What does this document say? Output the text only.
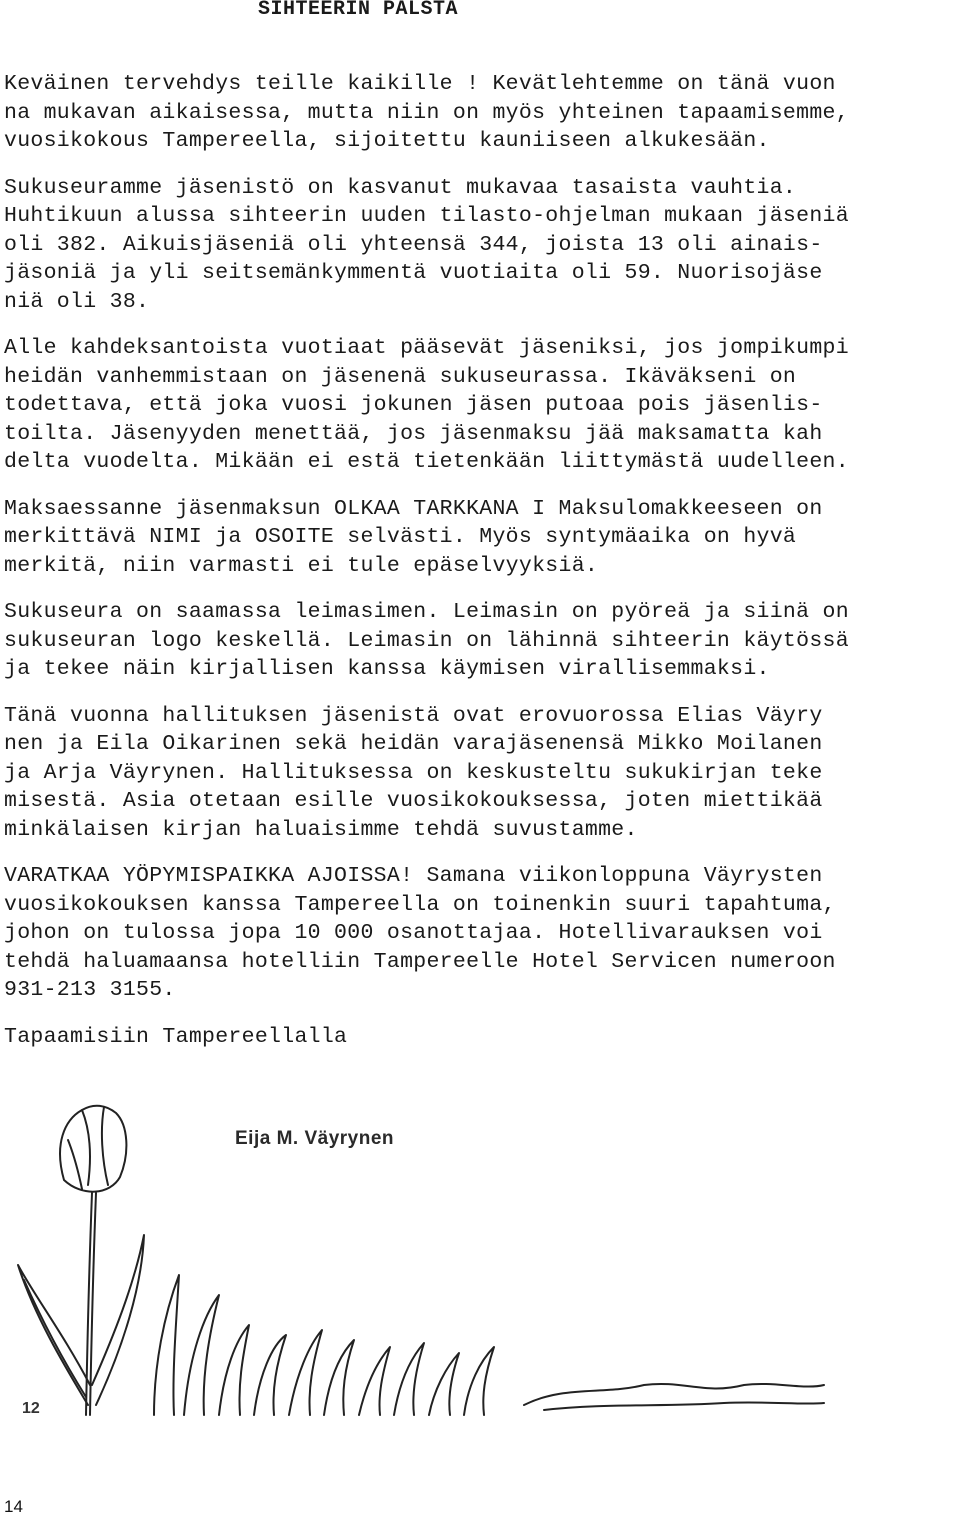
SIHTEERIN PALSTA

Keväinen tervehdys teille kaikille ! Kevätlehtemme on tänä vuon
na mukavan aikaisessa, mutta niin on myös yhteinen tapaamisemme,
vuosikokous Tampereella, sijoitettu kauniiseen alkukesään.

Sukuseuramme jäsenistö on kasvanut mukavaa tasaista vauhtia.
Huhtikuun alussa sihteerin uuden tilasto-ohjelman mukaan jäseniä
oli 382. Aikuisjäseniä oli yhteensä 344, joista 13 oli ainais-
jäsoniä ja yli seitsemänkymmentä vuotiaita oli 59. Nuorisojäse
niä oli 38.

Alle kahdeksantoista vuotiaat pääsevät jäseniksi, jos jompikumpi
heidän vanhemmistaan on jäsenenä sukuseurassa. Ikäväkseni on
todettava, että joka vuosi jokunen jäsen putoaa pois jäsenlis-
toilta. Jäsenyyden menettää, jos jäsenmaksu jää maksamatta kah
delta vuodelta. Mikään ei estä tietenkään liittymästä uudelleen.

Maksaessanne jäsenmaksun OLKAA TARKKANA I Maksulomakkeeseen on
merkittävä NIMI ja OSOITE selvästi. Myös syntymäaika on hyvä
merkitä, niin varmasti ei tule epäselvyyksiä.

Sukuseura on saamassa leimasimen. Leimasin on pyöreä ja siinä on
sukuseuran logo keskellä. Leimasin on lähinnä sihteerin käytössä
ja tekee näin kirjallisen kanssa käymisen virallisemmaksi.

Tänä vuonna hallituksen jäsenistä ovat erovuorossa Elias Väyry
nen ja Eila Oikarinen sekä heidän varajäsenensä Mikko Moilanen
ja Arja Väyrynen. Hallituksessa on keskusteltu sukukirjan teke
misestä. Asia otetaan esille vuosikokouksessa, joten miettikää
minkälaisen kirjan haluaisimme tehdä suvustamme.

VARATKAA YÖPYMISPAIKKA AJOISSA! Samana viikonloppuna Väyrysten
vuosikokouksen kanssa Tampereella on toinenkin suuri tapahtuma,
johon on tulossa jopa 10 000 osanottajaa. Hotellivarauksen voi
tehdä haluamaansa hotelliin Tampereelle Hotel Servicen numeroon
931-213 3155.

Tapaamisiin Tampereellalla

Eija M. Väyrynen
12
14
